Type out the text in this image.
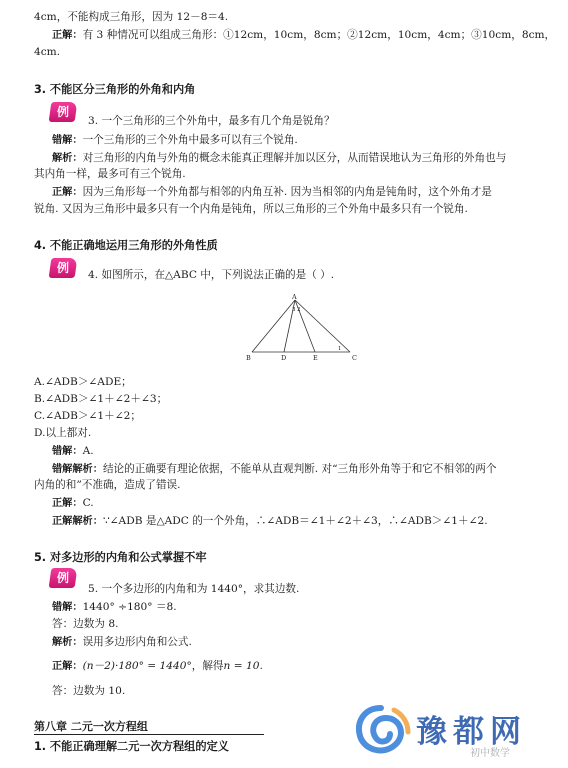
4cm，不能构成三角形，因为 12－8＝4.
正解：有 3 种情况可以组成三角形：①12cm，10cm，8cm；②12cm，10cm，4cm；③10cm，8cm，
4cm.
3. 不能区分三角形的外角和内角
例
3. 一个三角形的三个外角中，最多有几个角是锐角？
错解：一个三角形的三个外角中最多可以有三个锐角.
解析：对三角形的内角与外角的概念未能真正理解并加以区分，从而错误地认为三角形的外角也与
其内角一样，最多可有三个锐角.
正解：因为三角形每一个外角都与相邻的内角互补. 因为当相邻的内角是钝角时，这个外角才是
锐角. 又因为三角形中最多只有一个内角是钝角，所以三角形的三个外角中最多只有一个锐角.
4. 不能正确地运用三角形的外角性质
例	4. 如图所示，在△ABC 中，下列说法正确的是（ ）.
A
B	C
D	E
3 2
1
A.∠ADB＞∠ADE；
B.∠ADB＞∠1＋∠2＋∠3；
C.∠ADB＞∠1＋∠2；
D.以上都对.
错解：A.
错解解析：结论的正确要有理论依据，不能单从直观判断. 对“三角形外角等于和它不相邻的两个
内角的和”不准确，造成了错误.
正解：C.
正解解析：∵∠ADB 是△ADC 的一个外角，∴∠ADB＝∠1＋∠2＋∠3，∴∠ADB＞∠1＋∠2.
5. 对多边形的内角和公式掌握不牢
例
5. 一个多边形的内角和为 1440°，求其边数.
错解：1440° ÷180° ＝8.
答：边数为 8.
解析：误用多边形内角和公式.
正解：(n－2)·180° = 1440°，解得n = 10.
答：边数为 10.
第八章 二元一次方程组
1. 不能正确理解二元一次方程组的定义	豫都网
初中数学
